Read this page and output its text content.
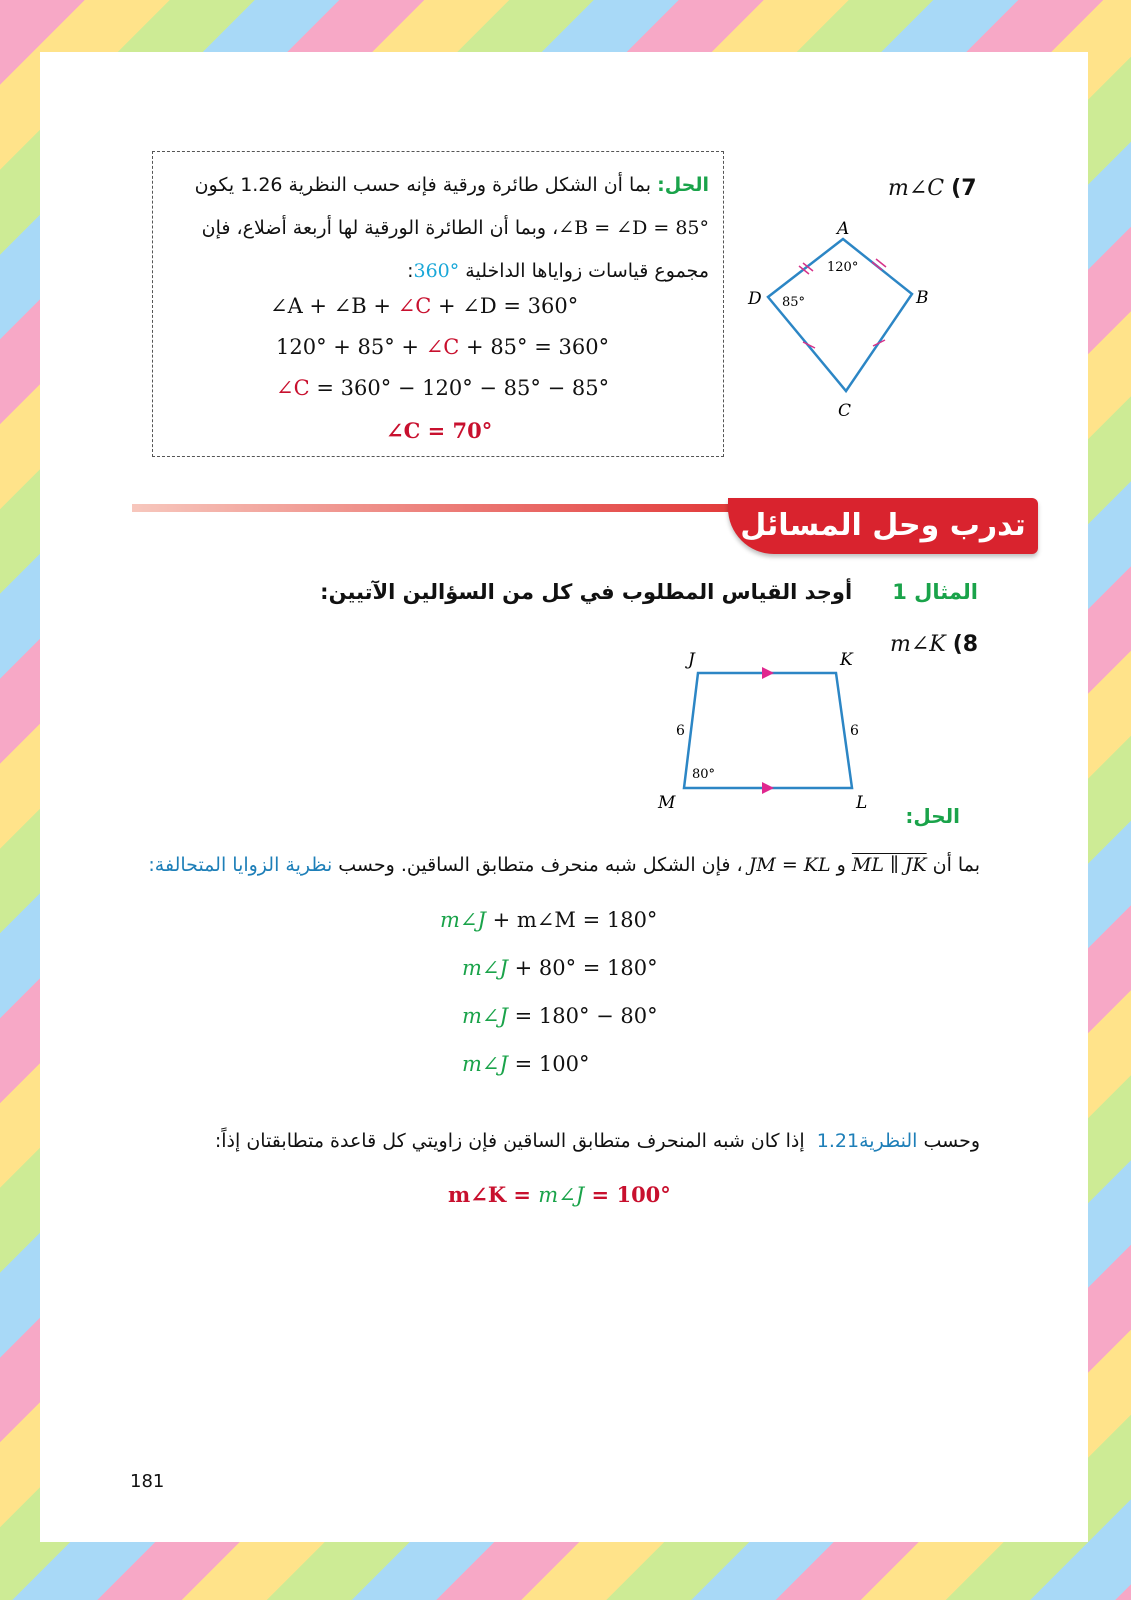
m∠C (7

الحل: بما أن الشكل طائرة ورقية فإنه حسب النظرية 1.26 يكون

∠B = ∠D = 85°، وبما أن الطائرة الورقية لها أربعة أضلاع، فإن

مجموع قياسات زواياها الداخلية 360°:

∠A + ∠B + ∠C + ∠D = 360°
120° + 85° + ∠C + 85° = 360°
∠C = 360° − 120° − 85° − 85°
∠C = 70°
A
B
C
D
120°
85°
تدرب وحل المسائل
المثال 1      أوجد القياس المطلوب في كل من السؤالين الآتيين:
m∠K (8
J	K
L
M
6	6
80°
الحل:
بما أن ML ∥ JK و JM = KL ، فإن الشكل شبه منحرف متطابق الساقين. وحسب نظرية الزوايا المتحالفة:
m∠J + m∠M = 180°
m∠J + 80° = 180°
m∠J = 180° − 80°
m∠J = 100°
وحسب النظرية 1.21 إذا كان شبه المنحرف متطابق الساقين فإن زاويتي كل قاعدة متطابقتان إذاً:
m∠K = m∠J = 100°
181
